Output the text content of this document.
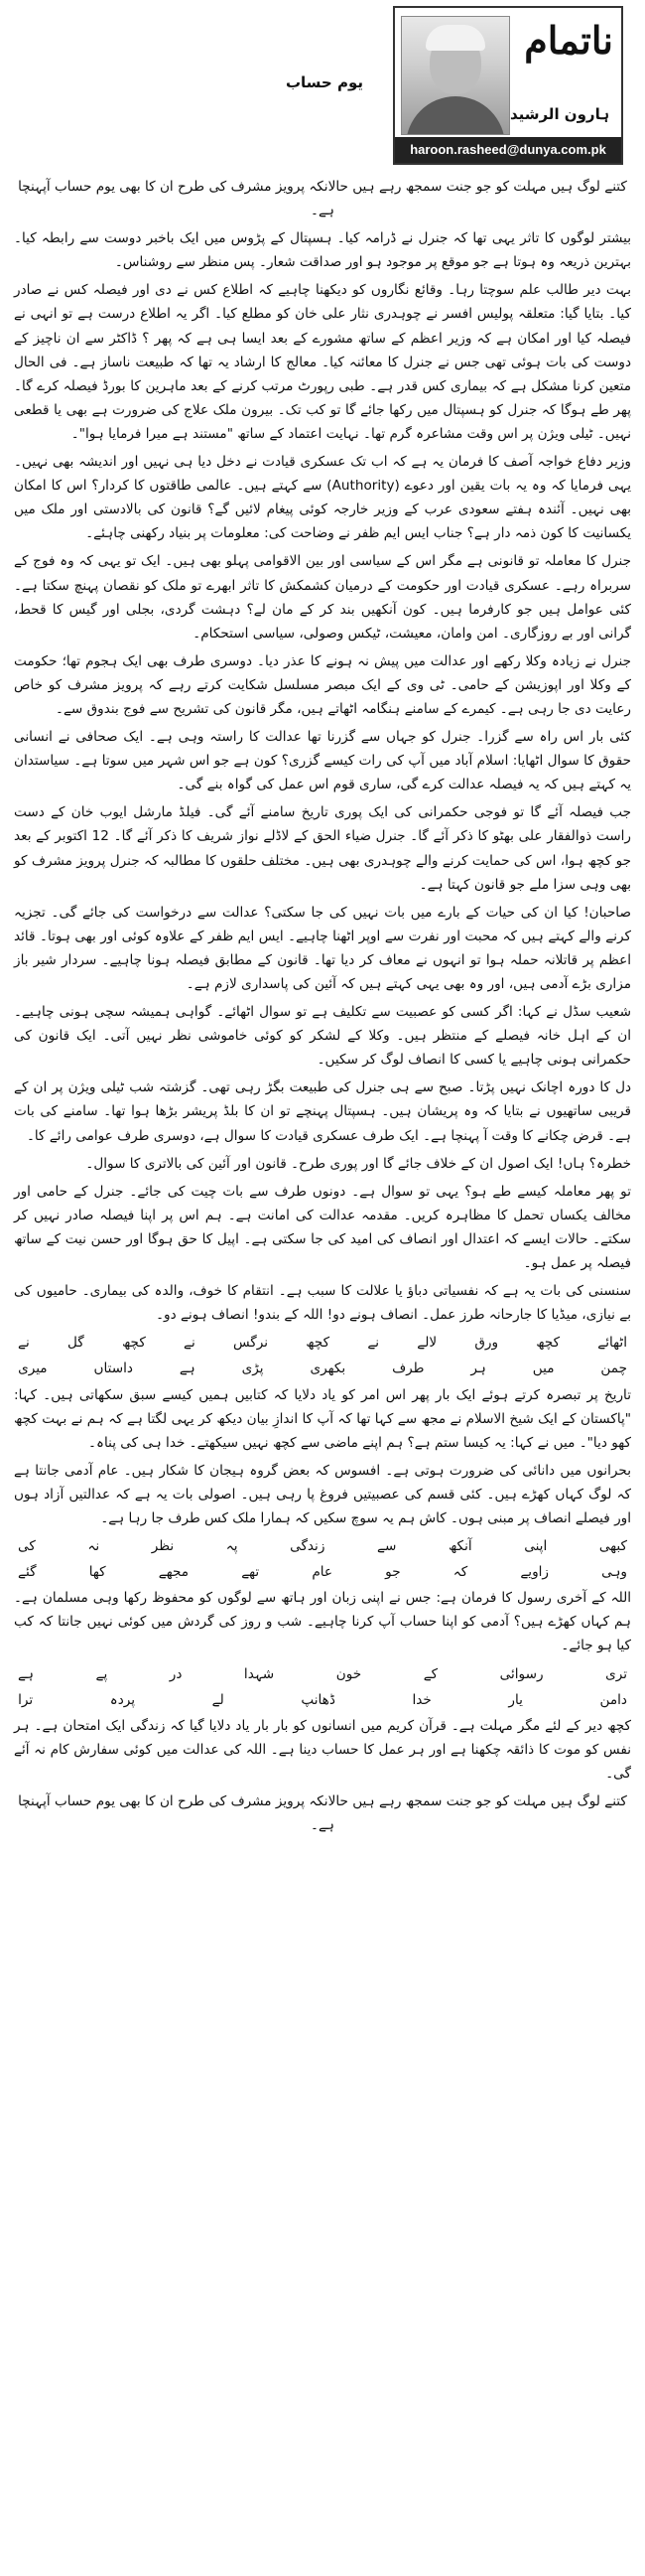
یوم حساب
ناتمام
ہارون الرشید
haroon.rasheed@dunya.com.pk

کتنے لوگ ہیں مہلت کو جو جنت سمجھ رہے ہیں حالانکہ پرویز مشرف کی طرح ان کا بھی یوم حساب آپہنچا ہے۔

بیشتر لوگوں کا تاثر یہی تھا کہ جنرل نے ڈرامہ کیا۔ ہسپتال کے پڑوس میں ایک باخبر دوست سے رابطہ کیا۔ بہترین ذریعہ وہ ہوتا ہے جو موقع پر موجود ہو اور صداقت شعار۔ پس منظر سے روشناس۔

بہت دیر طالب علم سوچتا رہا۔ وقائع نگاروں کو دیکھنا چاہیے کہ اطلاع کس نے دی اور فیصلہ کس نے صادر کیا۔ بتایا گیا: متعلقہ پولیس افسر نے چوہدری نثار علی خان کو مطلع کیا۔ اگر یہ اطلاع درست ہے تو انہی نے فیصلہ کیا اور امکان ہے کہ وزیر اعظم کے ساتھ مشورے کے بعد ایسا ہی ہے کہ پھر ؟ ڈاکٹر سے ان ناچیز کے دوست کی بات ہوئی تھی جس نے جنرل کا معائنہ کیا۔ معالج کا ارشاد یہ تھا کہ طبیعت ناساز ہے۔ فی الحال متعین کرنا مشکل ہے کہ بیماری کس قدر ہے۔ طبی رپورٹ مرتب کرنے کے بعد ماہرین کا بورڈ فیصلہ کرے گا۔ پھر طے ہوگا کہ جنرل کو ہسپتال میں رکھا جائے گا تو کب تک۔ بیرون ملک علاج کی ضرورت ہے بھی یا قطعی نہیں۔ ٹیلی ویژن پر اس وقت مشاعرہ گرم تھا۔ نہایت اعتماد کے ساتھ "مستند ہے میرا فرمایا ہوا"۔

وزیر دفاع خواجہ آصف کا فرمان یہ ہے کہ اب تک عسکری قیادت نے دخل دیا ہی نہیں اور اندیشہ بھی نہیں۔ یہی فرمایا کہ وہ یہ بات یقین اور دعوے (Authority) سے کہتے ہیں۔ عالمی طاقتوں کا کردار؟ اس کا امکان بھی نہیں۔ آئندہ ہفتے سعودی عرب کے وزیر خارجہ کوئی پیغام لائیں گے؟ قانون کی بالادستی اور ملک میں یکسانیت کا کون ذمہ دار ہے؟ جناب ایس ایم ظفر نے وضاحت کی: معلومات پر بنیاد رکھنی چاہئے۔

جنرل کا معاملہ تو قانونی ہے مگر اس کے سیاسی اور بین الاقوامی پہلو بھی ہیں۔ ایک تو یہی کہ وہ فوج کے سربراہ رہے۔ عسکری قیادت اور حکومت کے درمیان کشمکش کا تاثر ابھرے تو ملک کو نقصان پہنچ سکتا ہے۔ کئی عوامل ہیں جو کارفرما ہیں۔ کون آنکھیں بند کر کے مان لے؟ دہشت گردی، بجلی اور گیس کا قحط، گرانی اور بے روزگاری۔ امن وامان، معیشت، ٹیکس وصولی، سیاسی استحکام۔

جنرل نے زیادہ وکلا رکھے اور عدالت میں پیش نہ ہونے کا عذر دیا۔ دوسری طرف بھی ایک ہجوم تھا؛ حکومت کے وکلا اور اپوزیشن کے حامی۔ ٹی وی کے ایک مبصر مسلسل شکایت کرتے رہے کہ پرویز مشرف کو خاص رعایت دی جا رہی ہے۔ کیمرے کے سامنے ہنگامہ اٹھاتے ہیں، مگر قانون کی تشریح سے فوج بندوق سے۔

کئی بار اس راہ سے گزرا۔ جنرل کو جہاں سے گزرنا تھا عدالت کا راستہ وہی ہے۔ ایک صحافی نے انسانی حقوق کا سوال اٹھایا: اسلام آباد میں آپ کی رات کیسے گزری؟ کون ہے جو اس شہر میں سوتا ہے۔ سیاستدان یہ کہتے ہیں کہ یہ فیصلہ عدالت کرے گی، ساری قوم اس عمل کی گواہ بنے گی۔

جب فیصلہ آئے گا تو فوجی حکمرانی کی ایک پوری تاریخ سامنے آئے گی۔ فیلڈ مارشل ایوب خان کے دست راست ذوالفقار علی بھٹو کا ذکر آئے گا۔ جنرل ضیاء الحق کے لاڈلے نواز شریف کا ذکر آئے گا۔ 12 اکتوبر کے بعد جو کچھ ہوا، اس کی حمایت کرنے والے چوہدری بھی ہیں۔ مختلف حلقوں کا مطالبہ کہ جنرل پرویز مشرف کو بھی وہی سزا ملے جو قانون کہتا ہے۔

صاحبان! کیا ان کی حیات کے بارے میں بات نہیں کی جا سکتی؟ عدالت سے درخواست کی جائے گی۔ تجزیہ کرنے والے کہتے ہیں کہ محبت اور نفرت سے اوپر اٹھنا چاہیے۔ ایس ایم ظفر کے علاوہ کوئی اور بھی ہوتا۔ قائد اعظم پر قاتلانہ حملہ ہوا تو انہوں نے معاف کر دیا تھا۔ قانون کے مطابق فیصلہ ہونا چاہیے۔ سردار شیر باز مزاری بڑے آدمی ہیں، اور وہ بھی یہی کہتے ہیں کہ آئین کی پاسداری لازم ہے۔

شعیب سڈل نے کہا: اگر کسی کو عصبیت سے تکلیف ہے تو سوال اٹھائے۔ گواہی ہمیشہ سچی ہونی چاہیے۔ ان کے اہل خانہ فیصلے کے منتظر ہیں۔ وکلا کے لشکر کو کوئی خاموشی نظر نہیں آتی۔ ایک قانون کی حکمرانی ہونی چاہیے یا کسی کا انصاف لوگ کر سکیں۔

دل کا دورہ اچانک نہیں پڑتا۔ صبح سے ہی جنرل کی طبیعت بگڑ رہی تھی۔ گزشتہ شب ٹیلی ویژن پر ان کے قریبی ساتھیوں نے بتایا کہ وہ پریشان ہیں۔ ہسپتال پہنچے تو ان کا بلڈ پریشر بڑھا ہوا تھا۔ سامنے کی بات ہے۔ قرض چکانے کا وقت آ پہنچا ہے۔ ایک طرف عسکری قیادت کا سوال ہے، دوسری طرف عوامی رائے کا۔

خطرہ؟ ہاں! ایک اصول ان کے خلاف جائے گا اور پوری طرح۔ قانون اور آئین کی بالاتری کا سوال۔

تو پھر معاملہ کیسے طے ہو؟ یہی تو سوال ہے۔ دونوں طرف سے بات چیت کی جائے۔ جنرل کے حامی اور مخالف یکساں تحمل کا مظاہرہ کریں۔ مقدمہ عدالت کی امانت ہے۔ ہم اس پر اپنا فیصلہ صادر نہیں کر سکتے۔ حالات ایسے کہ اعتدال اور انصاف کی امید کی جا سکتی ہے۔ اپیل کا حق ہوگا اور حسن نیت کے ساتھ فیصلہ پر عمل ہو۔

سنسنی کی بات یہ ہے کہ نفسیاتی دباؤ یا علالت کا سبب ہے۔ انتقام کا خوف، والدہ کی بیماری۔ حامیوں کی بے نیازی، میڈیا کا جارحانہ طرز عمل۔ انصاف ہونے دو! اللہ کے بندو! انصاف ہونے دو۔

اٹھائے
کچھ
ورق
لالے
نے
کچھ
نرگس
نے
کچھ
گل
نے
چمن
میں
ہر
طرف
بکھری
پڑی
ہے
داستاں
میری

تاریخ پر تبصرہ کرتے ہوئے ایک بار پھر اس امر کو یاد دلایا کہ کتابیں ہمیں کیسے سبق سکھاتی ہیں۔ کہا: "پاکستان کے ایک شیخ الاسلام نے مجھ سے کہا تھا کہ آپ کا اندازِ بیان دیکھ کر یہی لگتا ہے کہ ہم نے بہت کچھ کھو دیا"۔ میں نے کہا: یہ کیسا ستم ہے؟ ہم اپنے ماضی سے کچھ نہیں سیکھتے۔ خدا ہی کی پناہ۔

بحرانوں میں دانائی کی ضرورت ہوتی ہے۔ افسوس کہ بعض گروہ ہیجان کا شکار ہیں۔ عام آدمی جانتا ہے کہ لوگ کہاں کھڑے ہیں۔ کئی قسم کی عصبیتیں فروغ پا رہی ہیں۔ اصولی بات یہ ہے کہ عدالتیں آزاد ہوں اور فیصلے انصاف پر مبنی ہوں۔ کاش ہم یہ سوچ سکیں کہ ہمارا ملک کس طرف جا رہا ہے۔

کبھی
اپنی
آنکھ
سے
زندگی
پہ
نظر
نہ
کی
وہی
زاویے
کہ
جو
عام
تھے
مجھے
کھا
گئے

اللہ کے آخری رسول کا فرمان ہے: جس نے اپنی زبان اور ہاتھ سے لوگوں کو محفوظ رکھا وہی مسلمان ہے۔ ہم کہاں کھڑے ہیں؟ آدمی کو اپنا حساب آپ کرنا چاہیے۔ شب و روز کی گردش میں کوئی نہیں جانتا کہ کب کیا ہو جائے۔

تری
رسوائی
کے
خون
شہدا
در
پے
ہے
دامن
یار
خدا
ڈھانپ
لے
پردہ
ترا

کچھ دیر کے لئے مگر مہلت ہے۔ قرآن کریم میں انسانوں کو بار بار یاد دلایا گیا کہ زندگی ایک امتحان ہے۔ ہر نفس کو موت کا ذائقہ چکھنا ہے اور ہر عمل کا حساب دینا ہے۔ اللہ کی عدالت میں کوئی سفارش کام نہ آئے گی۔

کتنے لوگ ہیں مہلت کو جو جنت سمجھ رہے ہیں حالانکہ پرویز مشرف کی طرح ان کا بھی یوم حساب آپہنچا ہے۔
